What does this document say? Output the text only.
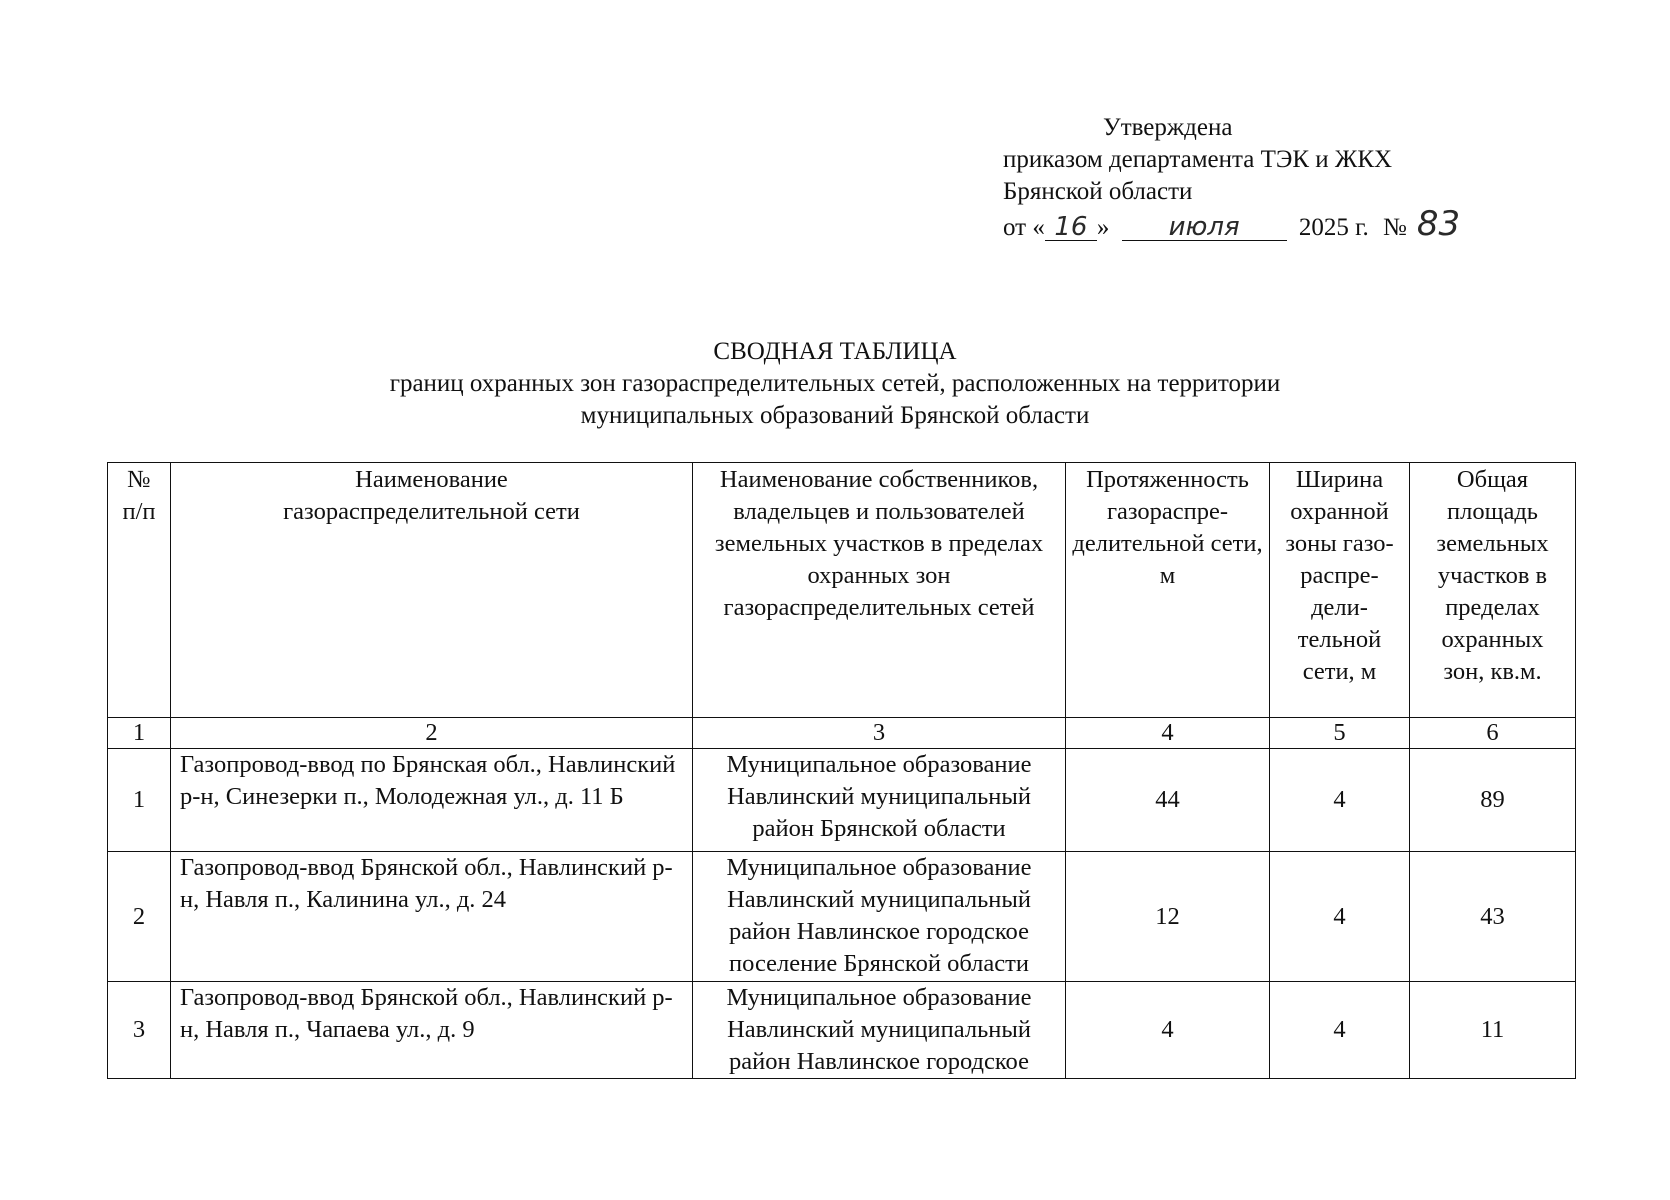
Утверждена
приказом департамента ТЭК и ЖКХ
Брянской области
от « 16 » июля 2025 г. № 83
СВОДНАЯ ТАБЛИЦА
границ охранных зон газораспределительных сетей, расположенных на территории
муниципальных образований Брянской области
№ п/п	Наименование газораспределительной сети	Наименование собственников, владельцев и пользователей земельных участков в пределах охранных зон газораспределительных сетей	Протяженность газораспре-делительной сети, м	Ширина охранной зоны газо-распре-дели-тельной сети, м	Общая площадь земельных участков в пределах охранных зон, кв.м.
1	2	3	4	5	6
1	Газопровод-ввод по Брянская обл., Навлинский р-н, Синезерки п., Молодежная ул., д. 11 Б	Муниципальное образование Навлинский муниципальный район Брянской области	44	4	89
2	Газопровод-ввод Брянской обл., Навлинский р-н, Навля п., Калинина ул., д. 24	Муниципальное образование Навлинский муниципальный район Навлинское городское поселение Брянской области	12	4	43
3	Газопровод-ввод Брянской обл., Навлинский р-н, Навля п., Чапаева ул., д. 9	Муниципальное образование Навлинский муниципальный район Навлинское городское	4	4	11
